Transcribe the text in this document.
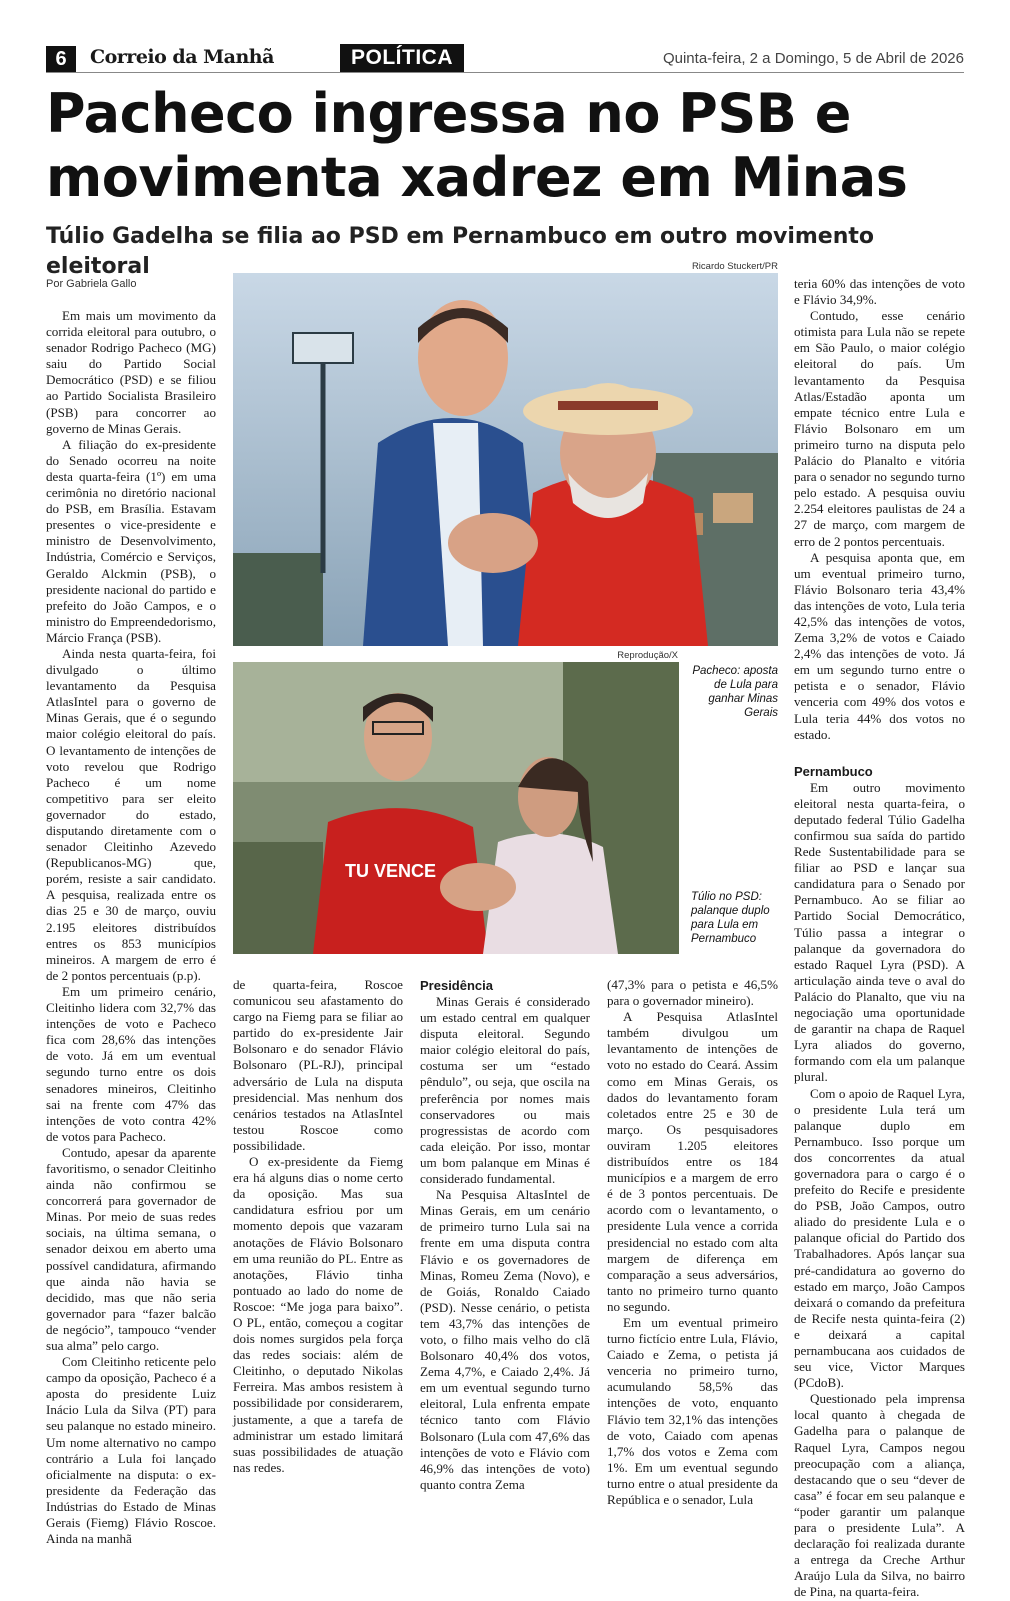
6	Correio da Manhã	POLÍTICA	Quinta-feira, 2 a Domingo, 5 de Abril de 2026
Pacheco ingressa no PSB e movimenta xadrez em Minas
Túlio Gadelha se filia ao PSD em Pernambuco em outro movimento eleitoral
Por Gabriela Gallo

Em mais um movimento da corrida eleitoral para outubro, o senador Rodrigo Pacheco (MG) saiu do Partido Social Democrático (PSD) e se filiou ao Partido Socialista Brasileiro (PSB) para concorrer ao governo de Minas Gerais.

A filiação do ex-presidente do Senado ocorreu na noite desta quarta-feira (1º) em uma cerimônia no diretório nacional do PSB, em Brasília. Estavam presentes o vice-presidente e ministro de Desenvolvimento, Indústria, Comércio e Serviços, Geraldo Alckmin (PSB), o presidente nacional do partido e prefeito do João Campos, e o ministro do Empreendedorismo, Márcio França (PSB).

Ainda nesta quarta-feira, foi divulgado o último levantamento da Pesquisa AtlasIntel para o governo de Minas Gerais, que é o segundo maior colégio eleitoral do país. O levantamento de intenções de voto revelou que Rodrigo Pacheco é um nome competitivo para ser eleito governador do estado, disputando diretamente com o senador Cleitinho Azevedo (Republicanos-MG) que, porém, resiste a sair candidato. A pesquisa, realizada entre os dias 25 e 30 de março, ouviu 2.195 eleitores distribuídos entres os 853 municípios mineiros. A margem de erro é de 2 pontos percentuais (p.p).

Em um primeiro cenário, Cleitinho lidera com 32,7% das intenções de voto e Pacheco fica com 28,6% das intenções de voto. Já em um eventual segundo turno entre os dois senadores mineiros, Cleitinho sai na frente com 47% das intenções de voto contra 42% de votos para Pacheco.

Contudo, apesar da aparente favoritismo, o senador Cleitinho ainda não confirmou se concorrerá para governador de Minas. Por meio de suas redes sociais, na última semana, o senador deixou em aberto uma possível candidatura, afirmando que ainda não havia se decidido, mas que não seria governador para “fazer balcão de negócio”, tampouco “vender sua alma” pelo cargo.

Com Cleitinho reticente pelo campo da oposição, Pacheco é a aposta do presidente Luiz Inácio Lula da Silva (PT) para seu palanque no estado mineiro. Um nome alternativo no campo contrário a Lula foi lançado oficialmente na disputa: o ex-presidente da Federação das Indústrias do Estado de Minas Gerais (Fiemg) Flávio Roscoe. Ainda na manhã

Ricardo Stuckert/PR
Reprodução/X
TU VENCE
Pacheco: aposta de Lula para ganhar Minas Gerais
Túlio no PSD: palanque duplo para Lula em Pernambuco

de quarta-feira, Roscoe comunicou seu afastamento do cargo na Fiemg para se filiar ao partido do ex-presidente Jair Bolsonaro e do senador Flávio Bolsonaro (PL-RJ), principal adversário de Lula na disputa presidencial. Mas nenhum dos cenários testados na AtlasIntel testou Roscoe como possibilidade.

O ex-presidente da Fiemg era há alguns dias o nome certo da oposição. Mas sua candidatura esfriou por um momento depois que vazaram anotações de Flávio Bolsonaro em uma reunião do PL. Entre as anotações, Flávio tinha pontuado ao lado do nome de Roscoe: “Me joga para baixo”. O PL, então, começou a cogitar dois nomes surgidos pela força das redes sociais: além de Cleitinho, o deputado Nikolas Ferreira. Mas ambos resistem à possibilidade por considerarem, justamente, a que a tarefa de administrar um estado limitará suas possibilidades de atuação nas redes.

Presidência

Minas Gerais é considerado um estado central em qualquer disputa eleitoral. Segundo maior colégio eleitoral do país, costuma ser um “estado pêndulo”, ou seja, que oscila na preferência por nomes mais conservadores ou mais progressistas de acordo com cada eleição. Por isso, montar um bom palanque em Minas é considerado fundamental.

Na Pesquisa AltasIntel de Minas Gerais, em um cenário de primeiro turno Lula sai na frente em uma disputa contra Flávio e os governadores de Minas, Romeu Zema (Novo), e de Goiás, Ronaldo Caiado (PSD). Nesse cenário, o petista tem 43,7% das intenções de voto, o filho mais velho do clã Bolsonaro 40,4% dos votos, Zema 4,7%, e Caiado 2,4%. Já em um eventual segundo turno eleitoral, Lula enfrenta empate técnico tanto com Flávio Bolsonaro (Lula com 47,6% das intenções de voto e Flávio com 46,9% das intenções de voto) quanto contra Zema

(47,3% para o petista e 46,5% para o governador mineiro).

A Pesquisa AtlasIntel também divulgou um levantamento de intenções de voto no estado do Ceará. Assim como em Minas Gerais, os dados do levantamento foram coletados entre 25 e 30 de março. Os pesquisadores ouviram 1.205 eleitores distribuídos entre os 184 municípios e a margem de erro é de 3 pontos percentuais. De acordo com o levantamento, o presidente Lula vence a corrida presidencial no estado com alta margem de diferença em comparação a seus adversários, tanto no primeiro turno quanto no segundo.

Em um eventual primeiro turno fictício entre Lula, Flávio, Caiado e Zema, o petista já venceria no primeiro turno, acumulando 58,5% das intenções de voto, enquanto Flávio tem 32,1% das intenções de voto, Caiado com apenas 1,7% dos votos e Zema com 1%. Em um eventual segundo turno entre o atual presidente da República e o senador, Lula

teria 60% das intenções de voto e Flávio 34,9%.

Contudo, esse cenário otimista para Lula não se repete em São Paulo, o maior colégio eleitoral do país. Um levantamento da Pesquisa Atlas/Estadão aponta um empate técnico entre Lula e Flávio Bolsonaro em um primeiro turno na disputa pelo Palácio do Planalto e vitória para o senador no segundo turno pelo estado. A pesquisa ouviu 2.254 eleitores paulistas de 24 a 27 de março, com margem de erro de 2 pontos percentuais.

A pesquisa aponta que, em um eventual primeiro turno, Flávio Bolsonaro teria 43,4% das intenções de voto, Lula teria 42,5% das intenções de votos, Zema 3,2% de votos e Caiado 2,4% das intenções de voto. Já em um segundo turno entre o petista e o senador, Flávio venceria com 49% dos votos e Lula teria 44% dos votos no estado.

Pernambuco

Em outro movimento eleitoral nesta quarta-feira, o deputado federal Túlio Gadelha confirmou sua saída do partido Rede Sustentabilidade para se filiar ao PSD e lançar sua candidatura para o Senado por Pernambuco. Ao se filiar ao Partido Social Democrático, Túlio passa a integrar o palanque da governadora do estado Raquel Lyra (PSD). A articulação ainda teve o aval do Palácio do Planalto, que viu na negociação uma oportunidade de garantir na chapa de Raquel Lyra aliados do governo, formando com ela um palanque plural.

Com o apoio de Raquel Lyra, o presidente Lula terá um palanque duplo em Pernambuco. Isso porque um dos concorrentes da atual governadora para o cargo é o prefeito do Recife e presidente do PSB, João Campos, outro aliado do presidente Lula e o palanque oficial do Partido dos Trabalhadores. Após lançar sua pré-candidatura ao governo do estado em março, João Campos deixará o comando da prefeitura de Recife nesta quinta-feira (2) e deixará a capital pernambucana aos cuidados de seu vice, Victor Marques (PCdoB).

Questionado pela imprensa local quanto à chegada de Gadelha para o palanque de Raquel Lyra, Campos negou preocupação com a aliança, destacando que o seu “dever de casa” é focar em seu palanque e “poder garantir um palanque para o presidente Lula”. A declaração foi realizada durante a entrega da Creche Arthur Araújo Lula da Silva, no bairro de Pina, na quarta-feira.
